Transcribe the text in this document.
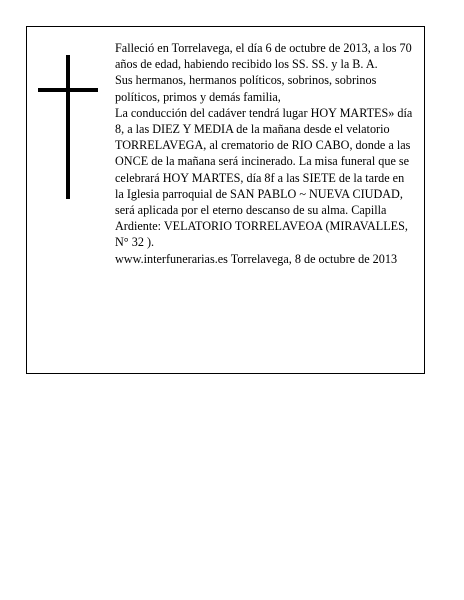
Falleció en Torrelavega, el día 6 de octubre de 2013, a los 70 años de edad, habiendo recibido los SS. SS. y la B. A.

Sus hermanos, hermanos políticos, sobrinos, sobrinos políticos, primos y demás familia,

La conducción del cadáver tendrá lugar HOY MARTES» día 8, a las DIEZ Y MEDIA de la mañana desde el velatorio TORRELAVEGA, al crematorio de RIO CABO, donde a las ONCE de la mañana será incinerado. La misa funeral que se celebrará HOY MARTES, día 8f a las SIETE de la tarde en la Iglesia parroquial de SAN PABLO ~ NUEVA CIUDAD, será aplicada por el eterno descanso de su alma. Capilla Ardiente: VELATORIO TORRELAVEOA (MIRAVALLES, N° 32 ).

www.interfunerarias.es Torrelavega, 8 de octubre de 2013
